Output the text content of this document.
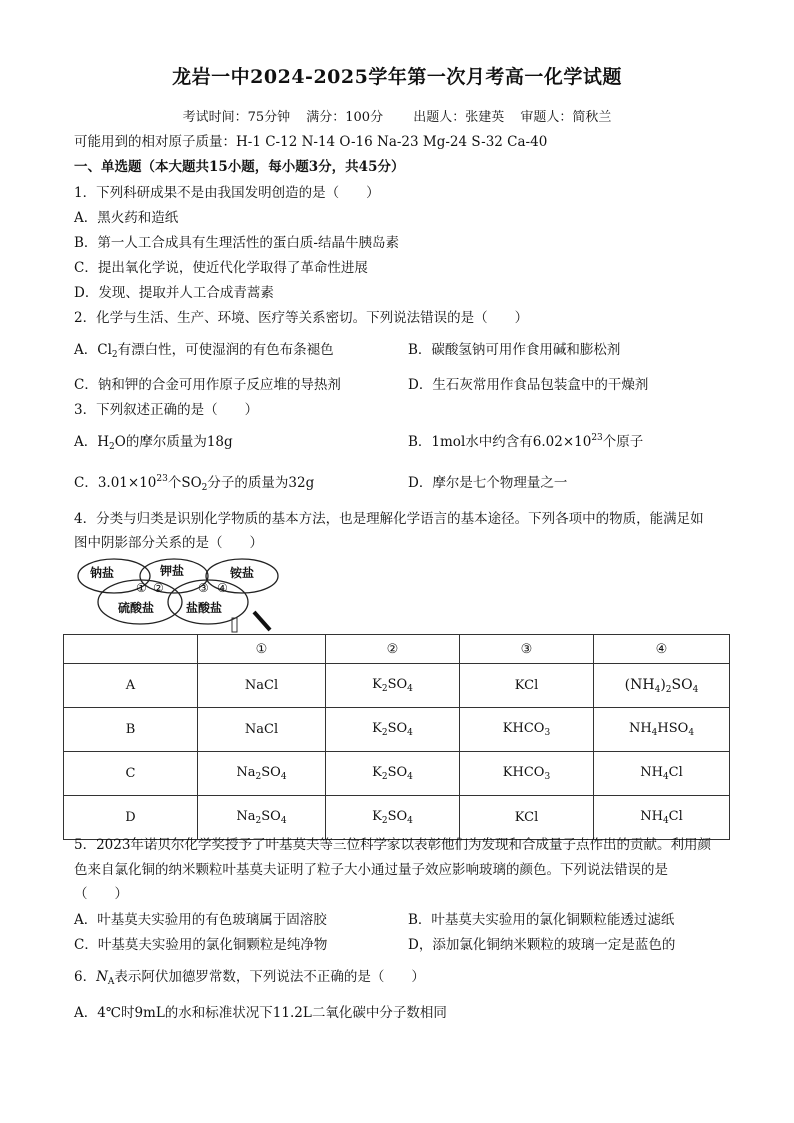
龙岩一中2024-2025学年第一次月考高一化学试题
考试时间：75分钟 满分：100分 出题人：张建英 审题人：简秋兰
可能用到的相对原子质量：H-1 C-12 N-14 O-16 Na-23 Mg-24 S-32 Ca-40
一、单选题（本大题共15小题，每小题3分，共45分）
1．下列科研成果不是由我国发明创造的是（　　）
A．黑火药和造纸
B．第一人工合成具有生理活性的蛋白质-结晶牛胰岛素
C．提出氧化学说，使近代化学取得了革命性进展
D．发现、提取并人工合成青蒿素
2．化学与生活、生产、环境、医疗等关系密切。下列说法错误的是（　　）
A．$Cl_2$有漂白性，可使湿润的有色布条褪色	B．碳酸氢钠可用作食用碱和膨松剂
C．钠和钾的合金可用作原子反应堆的导热剂	D．生石灰常用作食品包装盒中的干燥剂
3．下列叙述正确的是（　　）
A．$H_2O$的摩尔质量为18g	B．1mol水中约含有$6.02\times 10^{23}$个原子
C．$3.01\times 10^{23}$个$SO_2$分子的质量为32g	D．摩尔是七个物理量之一
4．分类与归类是识别化学物质的基本方法，也是理解化学语言的基本途径。下列各项中的物质，能满足如
图中阴影部分关系的是（　　）
钠盐	钾盐	铵盐
硫酸盐	盐酸盐
① ②	③ ④
	①	②	③	④
A	NaCl	$K_2SO_4$	KCl	$(NH_4)_2SO_4$
B	NaCl	$K_2SO_4$	$KHCO_3$	$NH_4HSO_4$
C	$Na_2SO_4$	$K_2SO_4$	$KHCO_3$	$NH_4Cl$
D	$Na_2SO_4$	$K_2SO_4$	KCl	$NH_4Cl$
5．2023年诺贝尔化学奖授予了叶基莫夫等三位科学家以表彰他们为发现和合成量子点作出的贡献。利用颜
色来自氯化铜的纳米颗粒叶基莫夫证明了粒子大小通过量子效应影响玻璃的颜色。下列说法错误的是
（　　）
A．叶基莫夫实验用的有色玻璃属于固溶胶	B．叶基莫夫实验用的氯化铜颗粒能透过滤纸
C．叶基莫夫实验用的氯化铜颗粒是纯净物	D，添加氯化铜纳米颗粒的玻璃一定是蓝色的
6．$N_A$表示阿伏加德罗常数，下列说法不正确的是（　　）
A．4℃时9mL的水和标准状况下11.2L二氧化碳中分子数相同
